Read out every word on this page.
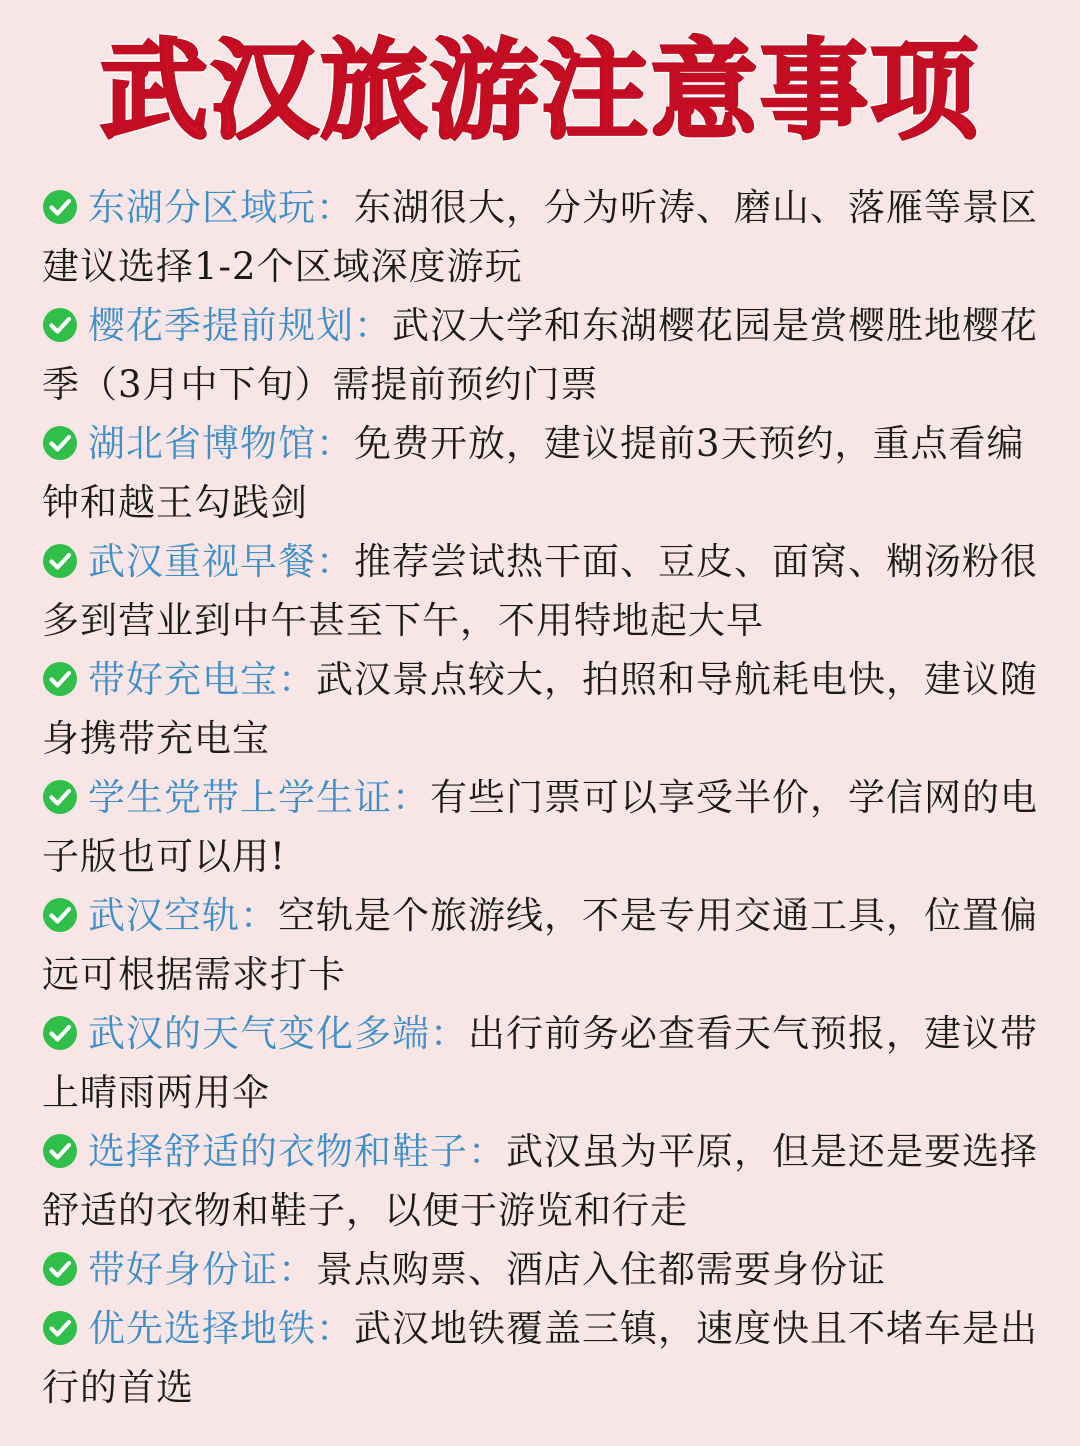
武汉旅游注意事项
东湖分区域玩：东湖很大，分为听涛、磨山、落雁等景区建议选择1-2个区域深度游玩
樱花季提前规划：武汉大学和东湖樱花园是赏樱胜地樱花季（3月中下旬）需提前预约门票
湖北省博物馆：免费开放，建议提前3天预约，重点看编钟和越王勾践剑
武汉重视早餐：推荐尝试热干面、豆皮、面窝、糊汤粉很多到营业到中午甚至下午，不用特地起大早
带好充电宝：武汉景点较大，拍照和导航耗电快，建议随身携带充电宝
学生党带上学生证：有些门票可以享受半价，学信网的电子版也可以用!
武汉空轨：空轨是个旅游线，不是专用交通工具，位置偏远可根据需求打卡
武汉的天气变化多端：出行前务必查看天气预报，建议带上晴雨两用伞
选择舒适的衣物和鞋子：武汉虽为平原，但是还是要选择舒适的衣物和鞋子，以便于游览和行走
带好身份证：景点购票、酒店入住都需要身份证
优先选择地铁：武汉地铁覆盖三镇，速度快且不堵车是出行的首选
